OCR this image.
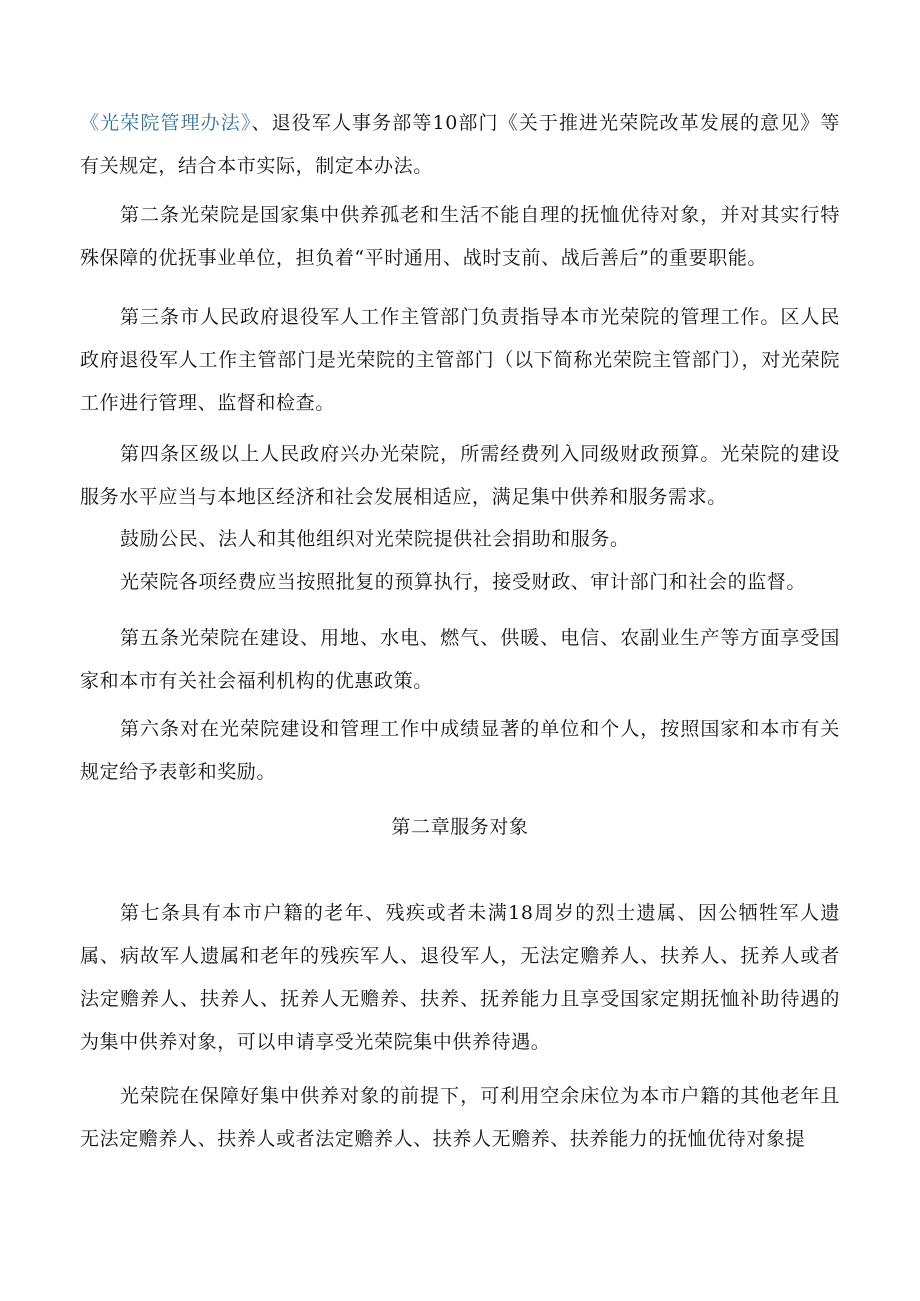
《光荣院管理办法》、退役军人事务部等10部门《关于推进光荣院改革发展的意见》等有关规定，结合本市实际，制定本办法。

第二条光荣院是国家集中供养孤老和生活不能自理的抚恤优待对象，并对其实行特殊保障的优抚事业单位，担负着“平时通用、战时支前、战后善后”的重要职能。

第三条市人民政府退役军人工作主管部门负责指导本市光荣院的管理工作。区人民政府退役军人工作主管部门是光荣院的主管部门（以下简称光荣院主管部门），对光荣院工作进行管理、监督和检查。

第四条区级以上人民政府兴办光荣院，所需经费列入同级财政预算。光荣院的建设服务水平应当与本地区经济和社会发展相适应，满足集中供养和服务需求。

鼓励公民、法人和其他组织对光荣院提供社会捐助和服务。

光荣院各项经费应当按照批复的预算执行，接受财政、审计部门和社会的监督。

第五条光荣院在建设、用地、水电、燃气、供暖、电信、农副业生产等方面享受国家和本市有关社会福利机构的优惠政策。

第六条对在光荣院建设和管理工作中成绩显著的单位和个人，按照国家和本市有关规定给予表彰和奖励。

第二章服务对象

第七条具有本市户籍的老年、残疾或者未满18周岁的烈士遗属、因公牺牲军人遗属、病故军人遗属和老年的残疾军人、退役军人，无法定赡养人、扶养人、抚养人或者法定赡养人、扶养人、抚养人无赡养、扶养、抚养能力且享受国家定期抚恤补助待遇的为集中供养对象，可以申请享受光荣院集中供养待遇。

光荣院在保障好集中供养对象的前提下，可利用空余床位为本市户籍的其他老年且无法定赡养人、扶养人或者法定赡养人、扶养人无赡养、扶养能力的抚恤优待对象提
